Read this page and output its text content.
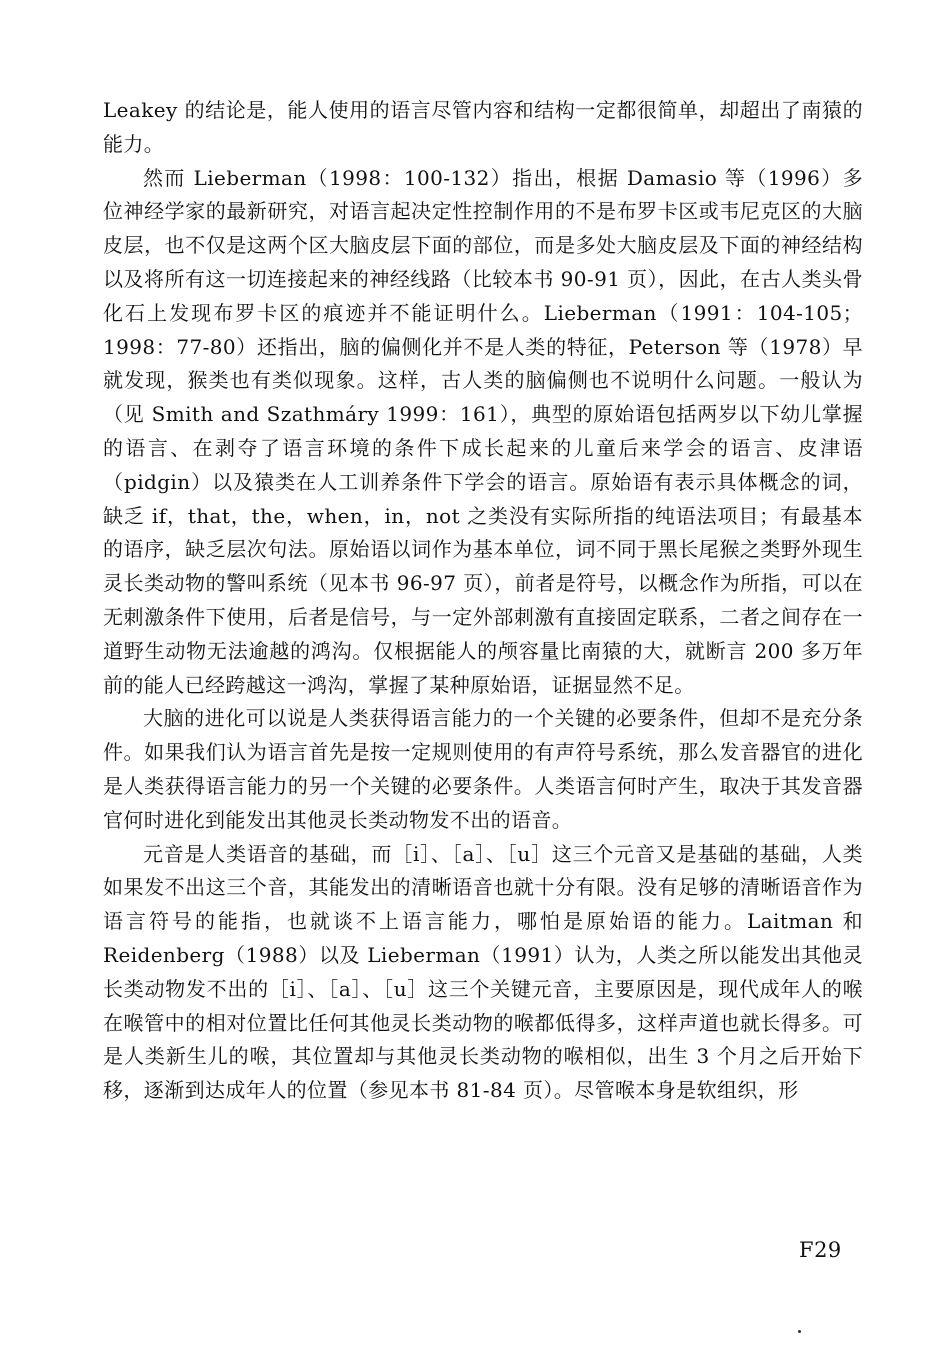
Leakey 的结论是，能人使用的语言尽管内容和结构一定都很简单，却超出了南猿的能力。

然而 Lieberman（1998：100-132）指出，根据 Damasio 等（1996）多位神经学家的最新研究，对语言起决定性控制作用的不是布罗卡区或韦尼克区的大脑皮层，也不仅是这两个区大脑皮层下面的部位，而是多处大脑皮层及下面的神经结构以及将所有这一切连接起来的神经线路（比较本书 90-91 页），因此，在古人类头骨化石上发现布罗卡区的痕迹并不能证明什么。Lieberman（1991：104-105；1998：77-80）还指出，脑的偏侧化并不是人类的特征，Peterson 等（1978）早就发现，猴类也有类似现象。这样，古人类的脑偏侧也不说明什么问题。一般认为（见 Smith and Szathmáry 1999：161），典型的原始语包括两岁以下幼儿掌握的语言、在剥夺了语言环境的条件下成长起来的儿童后来学会的语言、皮津语（pidgin）以及猿类在人工训养条件下学会的语言。原始语有表示具体概念的词，缺乏 if，that，the，when，in，not 之类没有实际所指的纯语法项目；有最基本的语序，缺乏层次句法。原始语以词作为基本单位，词不同于黑长尾猴之类野外现生灵长类动物的警叫系统（见本书 96-97 页），前者是符号，以概念作为所指，可以在无刺激条件下使用，后者是信号，与一定外部刺激有直接固定联系，二者之间存在一道野生动物无法逾越的鸿沟。仅根据能人的颅容量比南猿的大，就断言 200 多万年前的能人已经跨越这一鸿沟，掌握了某种原始语，证据显然不足。

大脑的进化可以说是人类获得语言能力的一个关键的必要条件，但却不是充分条件。如果我们认为语言首先是按一定规则使用的有声符号系统，那么发音器官的进化是人类获得语言能力的另一个关键的必要条件。人类语言何时产生，取决于其发音器官何时进化到能发出其他灵长类动物发不出的语音。

元音是人类语音的基础，而［i］、［a］、［u］这三个元音又是基础的基础，人类如果发不出这三个音，其能发出的清晰语音也就十分有限。没有足够的清晰语音作为语言符号的能指，也就谈不上语言能力，哪怕是原始语的能力。Laitman 和 Reidenberg（1988）以及 Lieberman（1991）认为，人类之所以能发出其他灵长类动物发不出的［i］、［a］、［u］这三个关键元音，主要原因是，现代成年人的喉在喉管中的相对位置比任何其他灵长类动物的喉都低得多，这样声道也就长得多。可是人类新生儿的喉，其位置却与其他灵长类动物的喉相似，出生 3 个月之后开始下移，逐渐到达成年人的位置（参见本书 81-84 页）。尽管喉本身是软组织，形

F29
